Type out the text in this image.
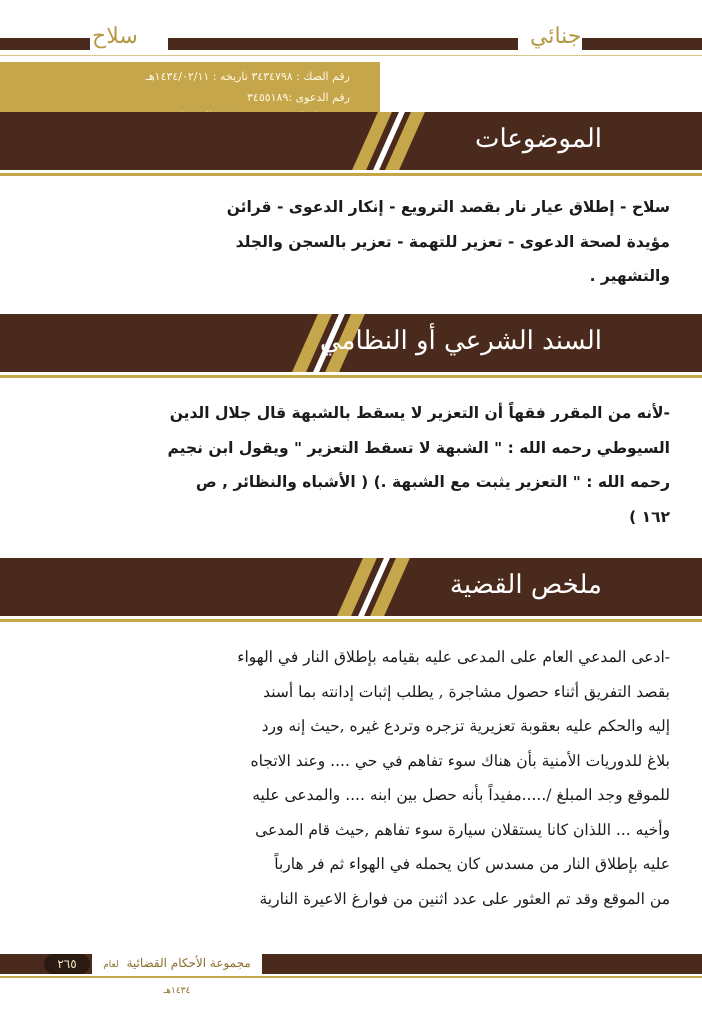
جنائي
سلاح
رقم الصك : ٣٤٣٤٧٩٨ تاريخه : ١٤٣٤/٠٢/١١هـ
رقم الدعوى :٣٤٥٥١٨٩
الموضوعات
سلاح - إطلاق عيار نار بقصد الترويع - إنكار الدعوى - قرائن
مؤيدة لصحة الدعوى - تعزير للتهمة - تعزير بالسجن والجلد
والتشهير .
السند الشرعي أو النظامي
-لأنه من المقرر فقهاً أن التعزير لا يسقط بالشبهة قال جلال الدين
السيوطي رحمه الله : " الشبهة لا تسقط التعزير " ويقول ابن نجيم
رحمه الله : " التعزير يثبت مع الشبهة .) ( الأشباه والنظائر , ص
١٦٢ )
ملخص القضية
-ادعى المدعي العام على المدعى عليه بقيامه بإطلاق النار في الهواء
بقصد التفريق أثناء حصول مشاجرة , يطلب إثبات إدانته بما أسند
إليه والحكم عليه بعقوبة تعزيرية تزجره وتردع غيره ,حيث إنه ورد
بلاغ للدوريات الأمنية بأن هناك سوء تفاهم في حي .... وعند الاتجاه
للموقع وجد المبلغ /.....مفيداً بأنه حصل بين ابنه .... والمدعى عليه
وأخيه ... اللذان كانا يستقلان سيارة سوء تفاهم ,حيث قام المدعى
عليه بإطلاق النار من مسدس كان يحمله في الهواء ثم فر هارباً
من الموقع وقد تم العثور على عدد اثنين من فوارغ الاعيرة النارية
مجموعة الأحكام القضائية لعام ١٤٣٤هـ
٢٦٥
